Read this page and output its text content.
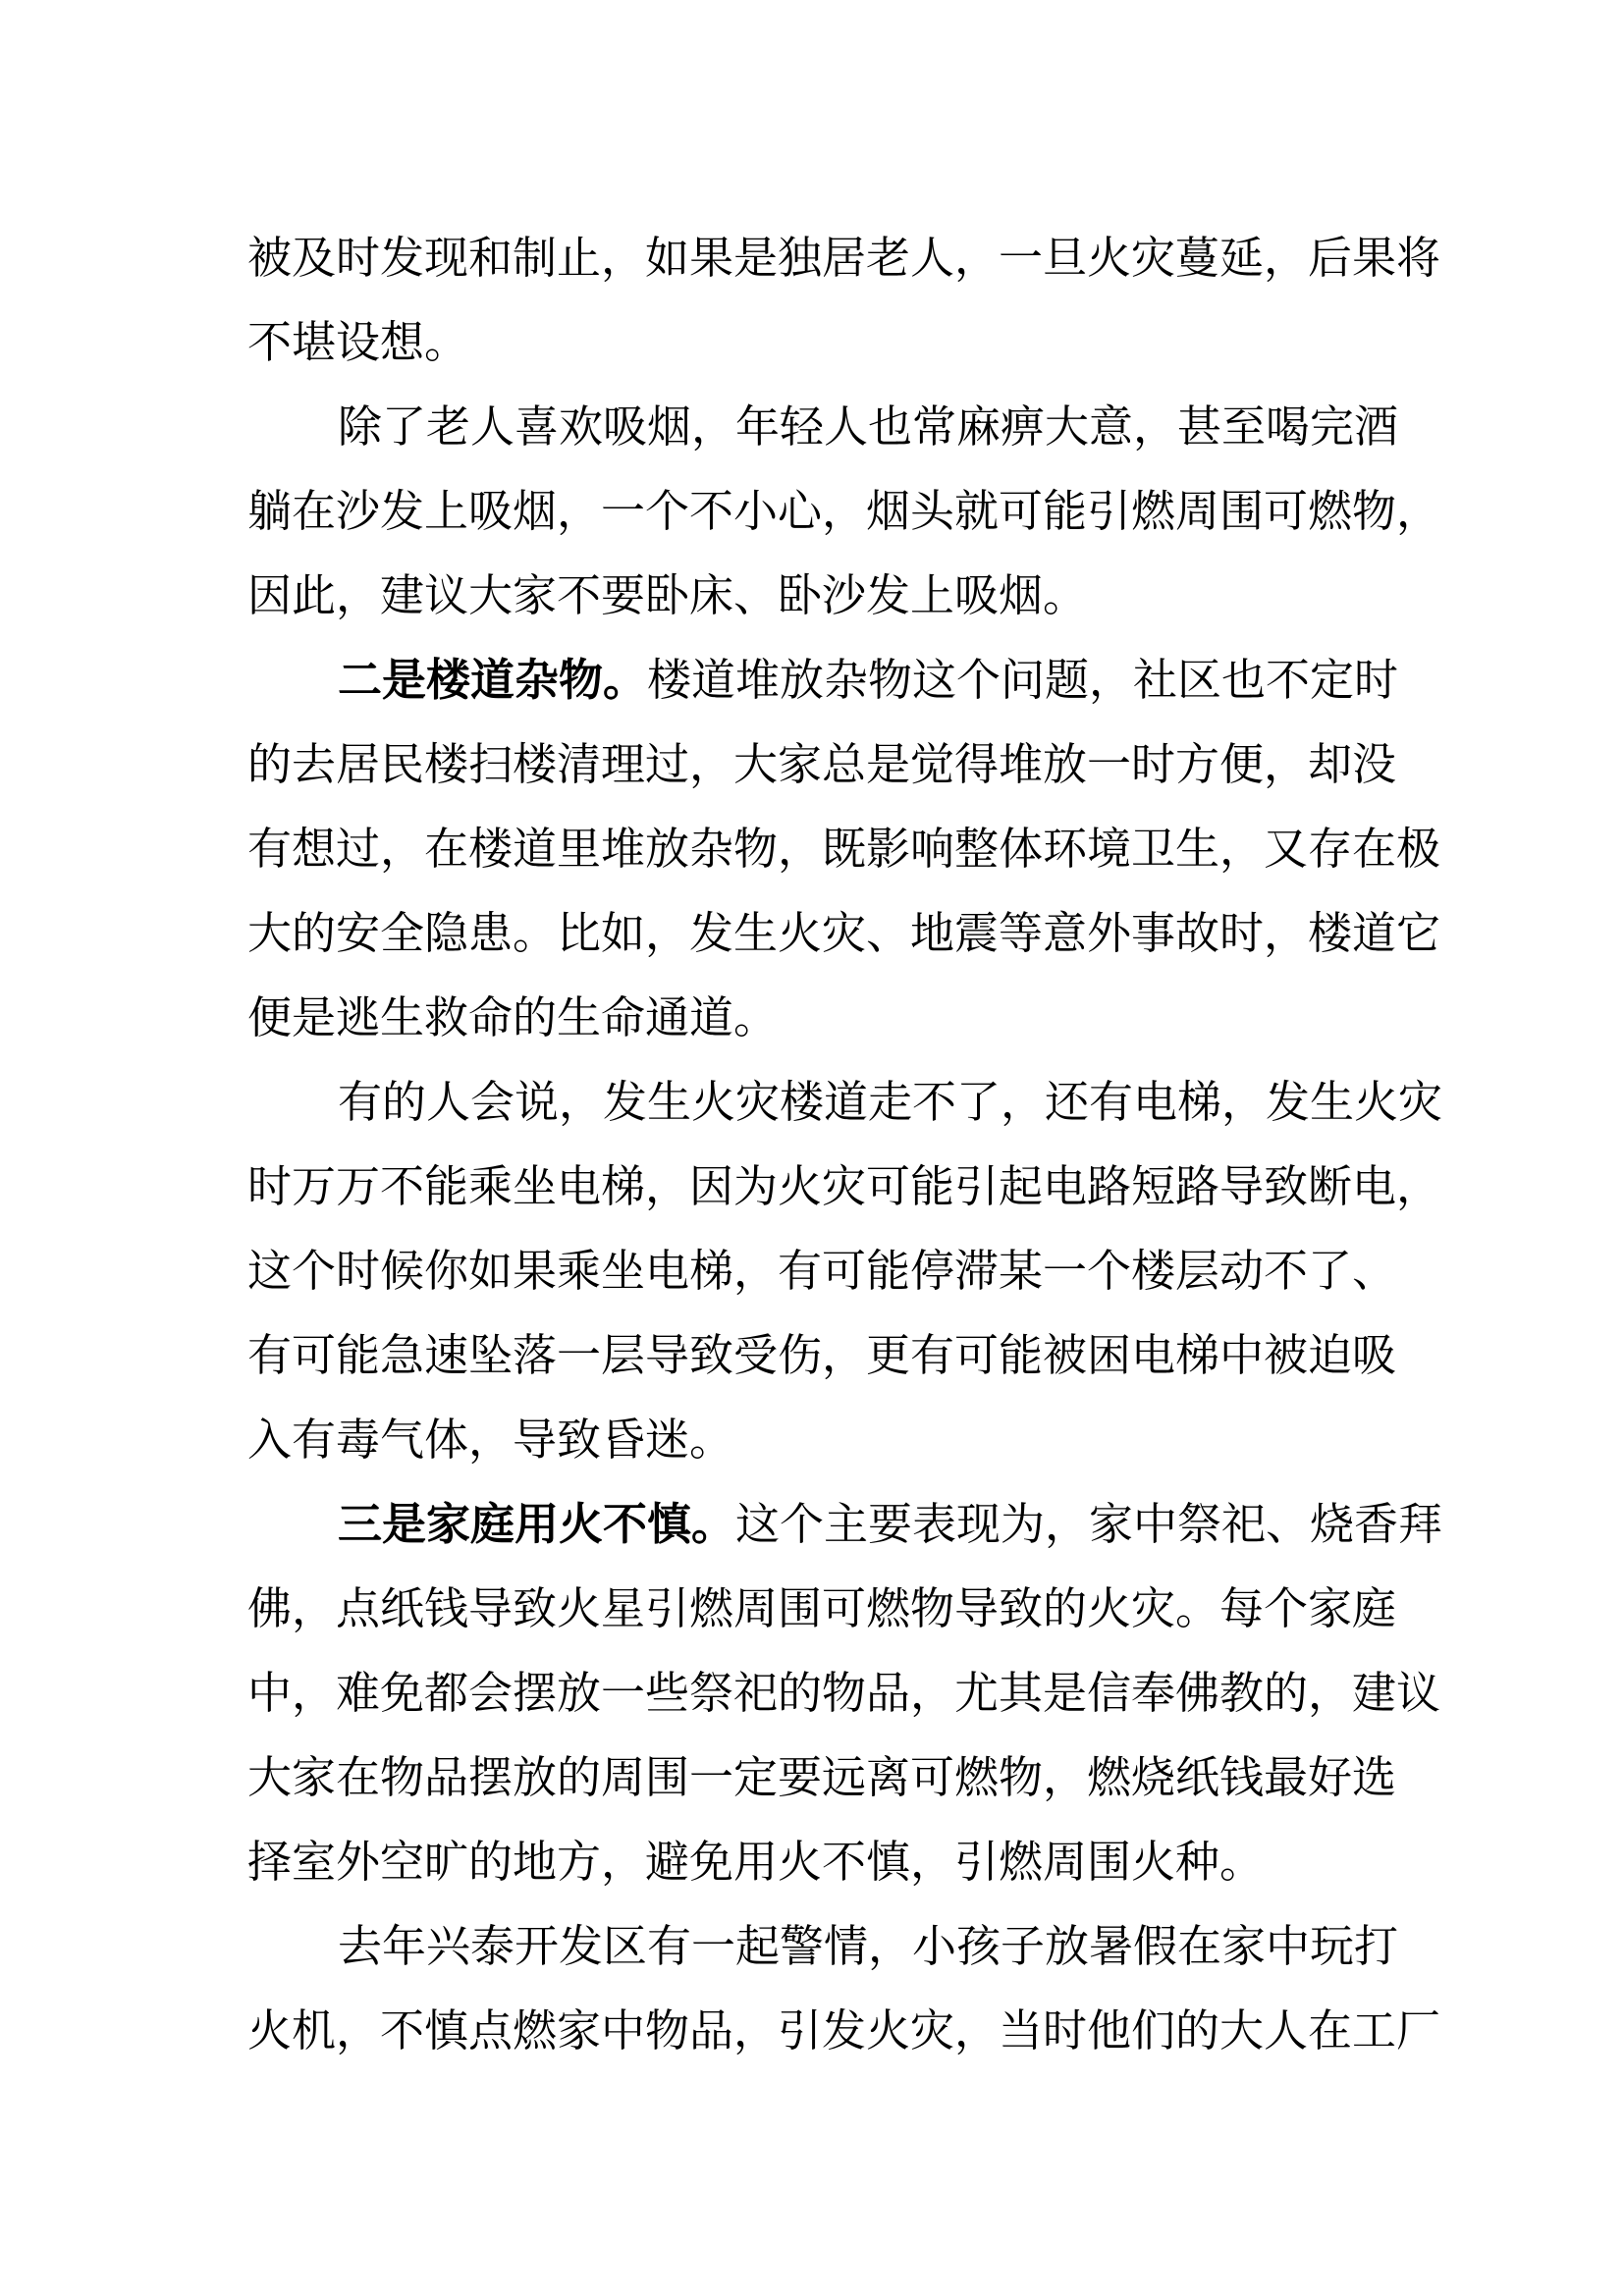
被及时发现和制止，如果是独居老人，一旦火灾蔓延，后果将
不堪设想。
除了老人喜欢吸烟，年轻人也常麻痹大意，甚至喝完酒
躺在沙发上吸烟，一个不小心，烟头就可能引燃周围可燃物，
因此，建议大家不要卧床、卧沙发上吸烟。
二是楼道杂物。楼道堆放杂物这个问题，社区也不定时
的去居民楼扫楼清理过，大家总是觉得堆放一时方便，却没
有想过，在楼道里堆放杂物，既影响整体环境卫生，又存在极
大的安全隐患。比如，发生火灾、地震等意外事故时，楼道它
便是逃生救命的生命通道。
有的人会说，发生火灾楼道走不了，还有电梯，发生火灾
时万万不能乘坐电梯，因为火灾可能引起电路短路导致断电，
这个时候你如果乘坐电梯，有可能停滞某一个楼层动不了、
有可能急速坠落一层导致受伤，更有可能被困电梯中被迫吸
入有毒气体，导致昏迷。
三是家庭用火不慎。这个主要表现为，家中祭祀、烧香拜
佛，点纸钱导致火星引燃周围可燃物导致的火灾。每个家庭
中，难免都会摆放一些祭祀的物品，尤其是信奉佛教的，建议
大家在物品摆放的周围一定要远离可燃物，燃烧纸钱最好选
择室外空旷的地方，避免用火不慎，引燃周围火种。
去年兴泰开发区有一起警情，小孩子放暑假在家中玩打
火机，不慎点燃家中物品，引发火灾，当时他们的大人在工厂
